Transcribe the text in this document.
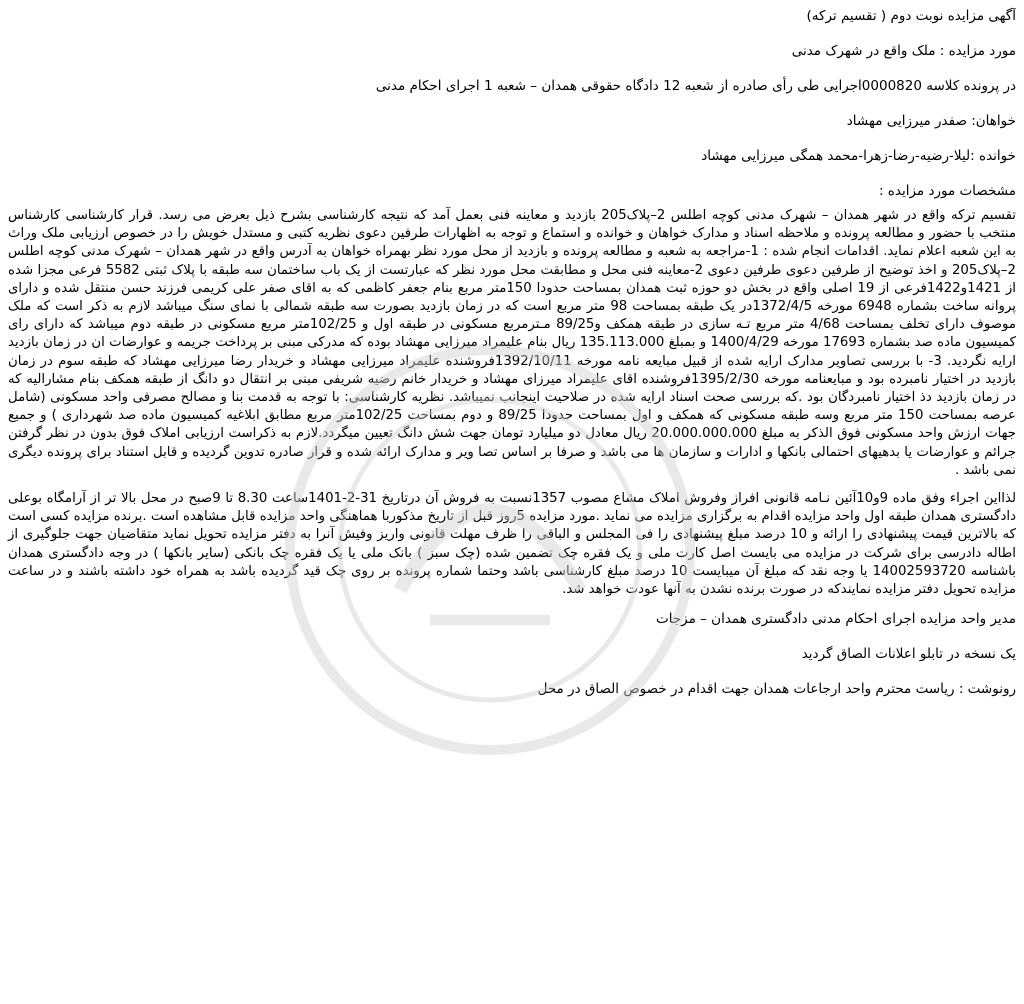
آگهی مزایده نوبت دوم ( تقسیم ترکه)
مورد مزایده : ملک واقع در شهرک مدنی
در پرونده کلاسه 0000820اجرایی طی رأی صادره از شعبه 12 دادگاه حقوقی همدان – شعبه 1 اجرای احکام مدنی
خواهان: صفدر میرزایی مهشاد
خوانده :لیلا-رضیه-رضا-زهرا-محمد همگی میرزایی مهشاد
مشخصات مورد مزایده :
تقسیم ترکه واقع در شهر همدان – شهرک مدنی کوچه اطلس 2–پلاک205 بازدید و معاینه فنی بعمل آمد که نتیجه کارشناسی بشرح ذیل بعرض می رسد. قرار کارشناسی کارشناس منتخب با حضور و مطالعه پرونده و ملاحظه اسناد و مدارک خواهان و خوانده و استماع و توجه به اظهارات طرفین دعوی نظریه کتبی و مستدل خویش را در خصوص ارزیابی ملک وراث به این شعبه اعلام نماید. اقدامات انجام شده : 1-مراجعه به شعبه و مطالعه پرونده و بازدید از محل مورد نظر بهمراه خواهان به آدرس واقع در شهر همدان – شهرک مدنی کوچه اطلس 2–پلاک205 و اخذ توضیح از طرفین دعوی طرفین دعوی 2-معاینه فنی محل و مطابقت محل مورد نظر که عبارتست از یک باب ساختمان سه طبقه با پلاک ثبتی 5582 فرعی مجزا شده از 1421و1422فرعی از 19 اصلی واقع در بخش دو حوزه ثبت همدان بمساحت حدودا 150متر مربع بنام جعفر کاظمی که به اقای صفر علی کریمی فرزند حسن منتقل شده و دارای پروانه ساخت بشماره 6948 مورخه 1372/4/5در یک طبقه بمساحت 98 متر مربع است که در زمان بازدید بصورت سه طبقه شمالی با نمای سنگ میباشد لازم به ذکر است که ملک موصوف دارای تخلف بمساحت 4/68 متر مربع تـه سازی در طبقه همکف و89/25 مـترمربع مسکونی در طبقه اول و 102/25متر مربع مسکونی در طبقه دوم میباشد که دارای رای کمیسیون ماده صد بشماره 17693 مورخه 1400/4/29 و بمبلغ 135.113.000 ریال بنام علیمراد میرزایی مهشاد بوده که مدرکی مبنی بر پرداخت جریمه و عوارضات ان در زمان بازدید ارایه نگردید. 3- با بررسی تصاویر مدارک ارایه شده از قبیل مبایعه نامه مورخه 1392/10/11فروشنده علیمراد میرزایی مهشاد و خریدار رضا میرزایی مهشاد که طبقه سوم در زمان بازدید در اختیار نامبرده بود و مبایعنامه مورخه 1395/2/30فروشنده اقای علیمراد میرزای مهشاد و خریدار خانم رضیه شریفی مبنی بر انتقال دو دانگ از طبقه همکف بنام مشارالیه که در زمان بازدید دذ اختیار نامبردگان بود .که بررسی صحت اسناد ارایه شده در صلاحیت اینجانب نمیباشد. نظریه کارشناسی: با توجه به قدمت بنا و مصالح مصرفی واحد مسکونی (شامل عرصه بمساحت 150 متر مربع وسه طبقه مسکونی که همکف و اول بمساحت حدودا 89/25 و دوم بمساحت 102/25متر مربع مطابق ابلاغیه کمیسیون ماده صد شهرداری ) و جمیع جهات ارزش واحد مسکونی فوق الذکر به مبلغ 20.000.000.000 ریال معادل دو میلیارد تومان جهت شش دانگ تعیین میگردد.لازم به ذکراست ارزیابی املاک فوق بدون در نظر گرفتن جرائم و عوارضات یا بدهیهای احتمالی بانکها و ادارات و سازمان ها می باشد و صرفا بر اساس تصا ویر و مدارک ارائه شده و قرار صادره تدوین گردیده و قابل استناد برای پرونده دیگری نمی باشد .
لذااین اجراء وفق ماده 9و10آئین نـامه قانونی افراز وفروش املاک مشاع مصوب 1357نسبت به فروش آن درتاریخ 31-2-1401ساعت 8.30 تا 9صبح در محل بالا تر از آرامگاه بوعلی دادگستری همدان طبقه اول واحد مزایده اقدام به برگزاری مزایده می نماید .مورد مزایده 5روز قبل از تاریخ مذکوربا هماهنگی واحد مزایده قابل مشاهده است .برنده مزایده کسی است که بالاترین قیمت پیشنهادی را ارائه و 10 درصد مبلغ پیشنهادی را فی المجلس و الباقی را ظرف مهلت قانونی واریز وفیش آنرا به دفتر مزایده تحویل نماید متقاضیان جهت جلوگیری از اطاله دادرسی برای شرکت در مزایده می بایست اصل کارت ملی و یک فقره چک تضمین شده (چک سبز ) بانک ملی یا یک فقره چک بانکی (سایر بانکها ) در وجه دادگستری همدان باشناسه 14002593720 یا وجه نقد که مبلغ آن میبایست 10 درصد مبلغ کارشناسی باشد وحتما شماره پرونده بر روی چک قید گردیده باشد به همراه خود داشته باشند و در ساعت مزایده تحویل دفتر مزایده نمایندکه در صورت برنده نشدن به آنها عودت خواهد شد.
مدیر واحد مزایده اجرای احکام مدنی دادگستری همدان – مزجات
یک نسخه در تابلو اعلانات الصاق گردید
رونوشت : ریاست محترم واحد ارجاعات همدان جهت اقدام در خصوص الصاق در محل
